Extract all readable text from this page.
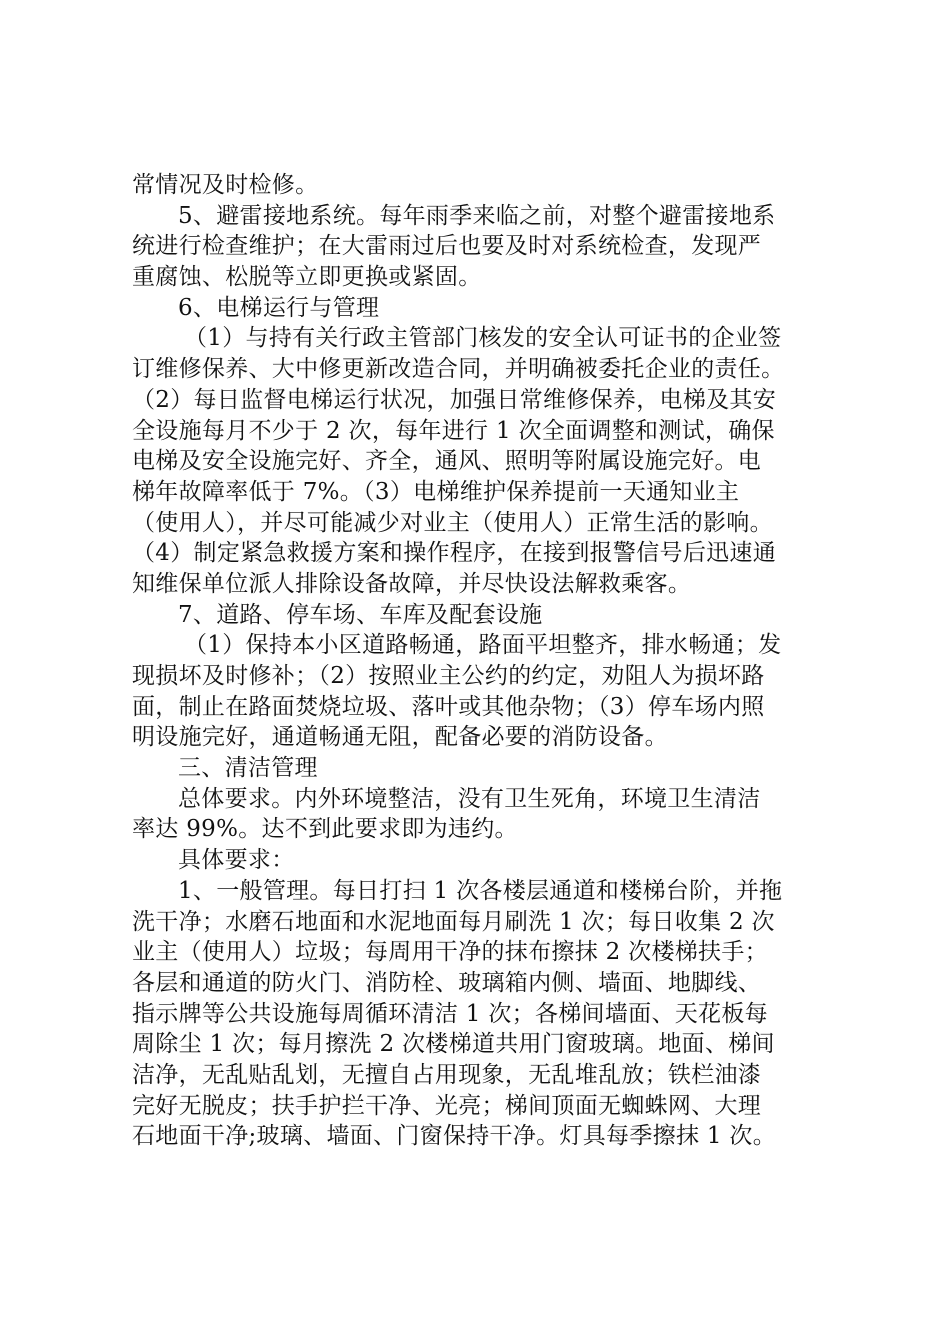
常情况及时检修。
5、避雷接地系统。每年雨季来临之前，对整个避雷接地系
统进行检查维护；在大雷雨过后也要及时对系统检查，发现严
重腐蚀、松脱等立即更换或紧固。
6、电梯运行与管理
（1）与持有关行政主管部门核发的安全认可证书的企业签
订维修保养、大中修更新改造合同，并明确被委托企业的责任。
（2）每日监督电梯运行状况，加强日常维修保养，电梯及其安
全设施每月不少于 2 次，每年进行 1 次全面调整和测试，确保
电梯及安全设施完好、齐全，通风、照明等附属设施完好。电
梯年故障率低于 7%。（3）电梯维护保养提前一天通知业主
（使用人），并尽可能减少对业主（使用人）正常生活的影响。
（4）制定紧急救援方案和操作程序，在接到报警信号后迅速通
知维保单位派人排除设备故障，并尽快设法解救乘客。
7、道路、停车场、车库及配套设施
（1）保持本小区道路畅通，路面平坦整齐，排水畅通；发
现损坏及时修补；（2）按照业主公约的约定，劝阻人为损坏路
面，制止在路面焚烧垃圾、落叶或其他杂物；（3）停车场内照
明设施完好，通道畅通无阻，配备必要的消防设备。
三、清洁管理
总体要求。内外环境整洁，没有卫生死角，环境卫生清洁
率达 99%。达不到此要求即为违约。
具体要求：
1、一般管理。每日打扫 1 次各楼层通道和楼梯台阶，并拖
洗干净；水磨石地面和水泥地面每月刷洗 1 次；每日收集 2 次
业主（使用人）垃圾；每周用干净的抹布擦抹 2 次楼梯扶手；
各层和通道的防火门、消防栓、玻璃箱内侧、墙面、地脚线、
指示牌等公共设施每周循环清洁 1 次；各梯间墙面、天花板每
周除尘 1 次；每月擦洗 2 次楼梯道共用门窗玻璃。地面、梯间
洁净，无乱贴乱划，无擅自占用现象，无乱堆乱放；铁栏油漆
完好无脱皮；扶手护拦干净、光亮；梯间顶面无蜘蛛网、大理
石地面干净;玻璃、墙面、门窗保持干净。灯具每季擦抹 1 次。
